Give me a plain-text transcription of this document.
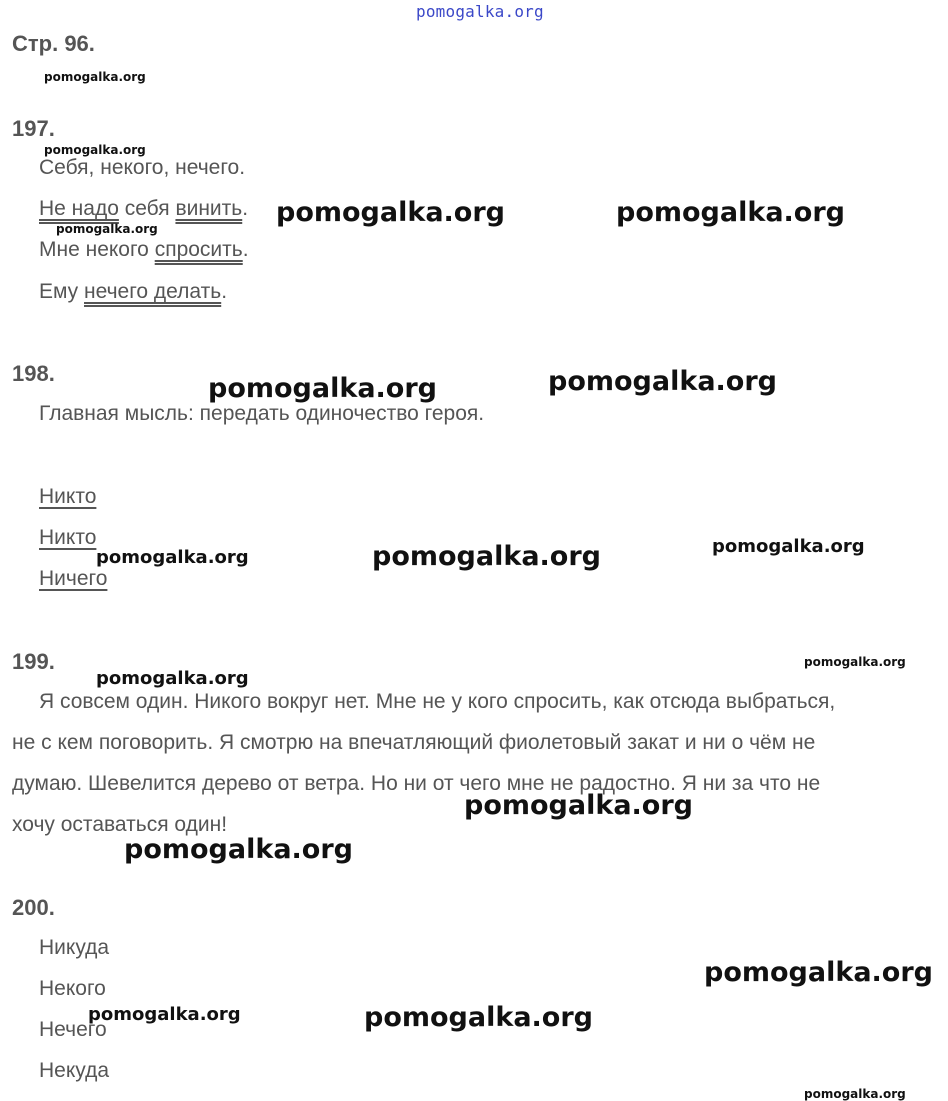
pomogalka.org
Стр. 96.
197.
Себя, некого, нечего.
Не надо себя винить.
Мне некого спросить.
Ему нечего делать.
198.
Главная мысль: передать одиночество героя.
Никто
Никто
Ничего
199.
Я совсем один. Никого вокруг нет. Мне не у кого спросить, как отсюда выбраться,
не с кем поговорить. Я смотрю на впечатляющий фиолетовый закат и ни о чём не
думаю. Шевелится дерево от ветра. Но ни от чего мне не радостно. Я ни за что не
хочу оставаться один!
200.
Никуда
Некого
Нечего
Некуда
pomogalka.org
pomogalka.org
pomogalka.org
pomogalka.org	pomogalka.org
pomogalka.org	pomogalka.org
pomogalka.org	pomogalka.org	pomogalka.org
pomogalka.org
pomogalka.org
pomogalka.org
pomogalka.org
pomogalka.org
pomogalka.org	pomogalka.org
pomogalka.org
